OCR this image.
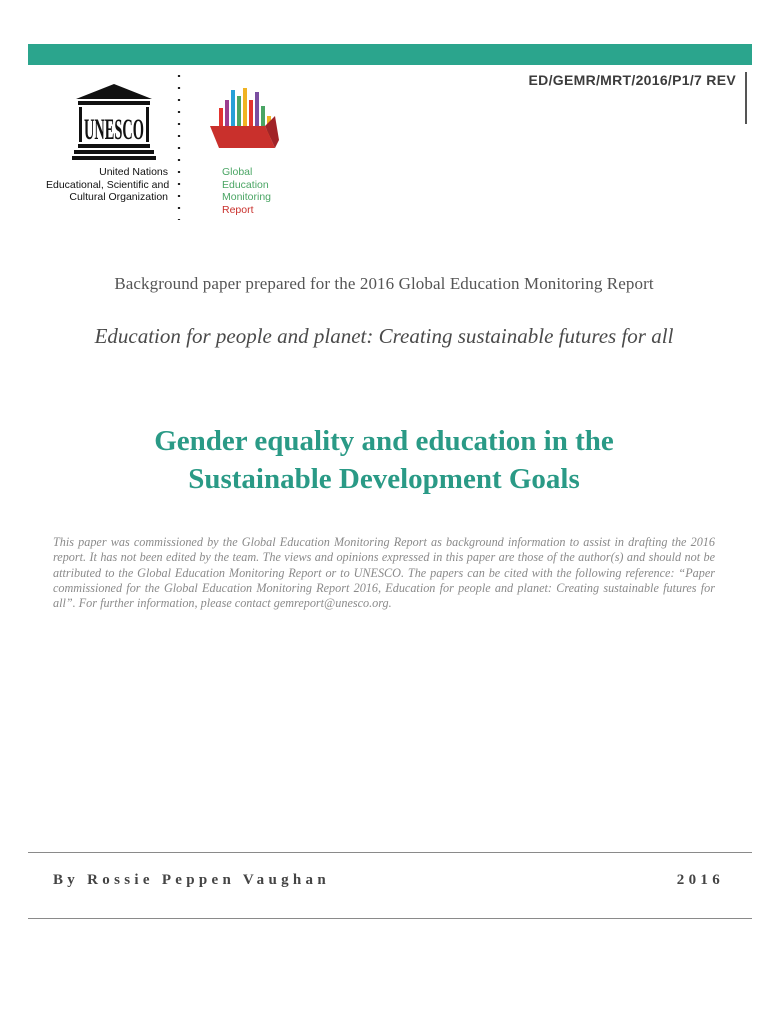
ED/GEMR/MRT/2016/P1/7 REV
UNESCO
United Nations
Educational, Scientific and
Cultural Organization
Global
Education
Monitoring
Report
Background paper prepared for the 2016 Global Education Monitoring Report
Education for people and planet: Creating sustainable futures for all
Gender equality and education in the
Sustainable Development Goals
This paper was commissioned by the Global Education Monitoring Report as background information to assist in drafting the 2016 report. It has not been edited by the team. The views and opinions expressed in this paper are those of the author(s) and should not be attributed to the Global Education Monitoring Report or to UNESCO. The papers can be cited with the following reference: “Paper commissioned for the Global Education Monitoring Report 2016, Education for people and planet: Creating sustainable futures for all”. For further information, please contact gemreport@unesco.org.
By Rossie Peppen Vaughan	2016
